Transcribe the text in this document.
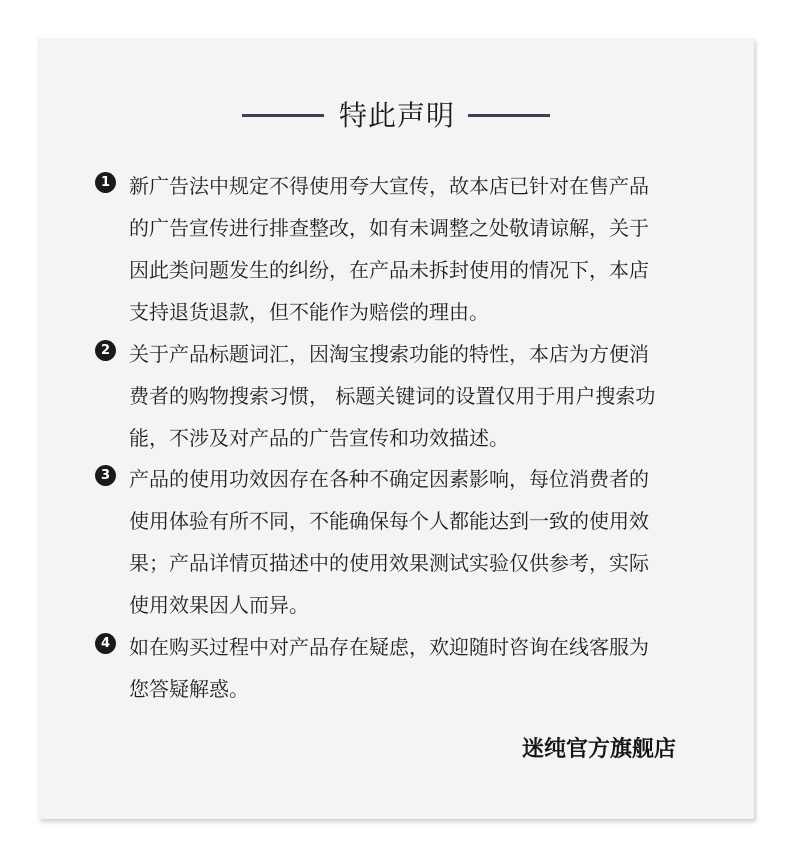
特此声明
1 新广告法中规定不得使用夸大宣传，故本店已针对在售产品
的广告宣传进行排查整改，如有未调整之处敬请谅解，关于
因此类问题发生的纠纷，在产品未拆封使用的情况下，本店
支持退货退款，但不能作为赔偿的理由。

2 关于产品标题词汇，因淘宝搜索功能的特性，本店为方便消
费者的购物搜索习惯， 标题关键词的设置仅用于用户搜索功
能，不涉及对产品的广告宣传和功效描述。

3 产品的使用功效因存在各种不确定因素影响，每位消费者的
使用体验有所不同，不能确保每个人都能达到一致的使用效
果；产品详情页描述中的使用效果测试实验仅供参考，实际
使用效果因人而异。

4 如在购买过程中对产品存在疑虑，欢迎随时咨询在线客服为
您答疑解惑。

迷纯官方旗舰店
